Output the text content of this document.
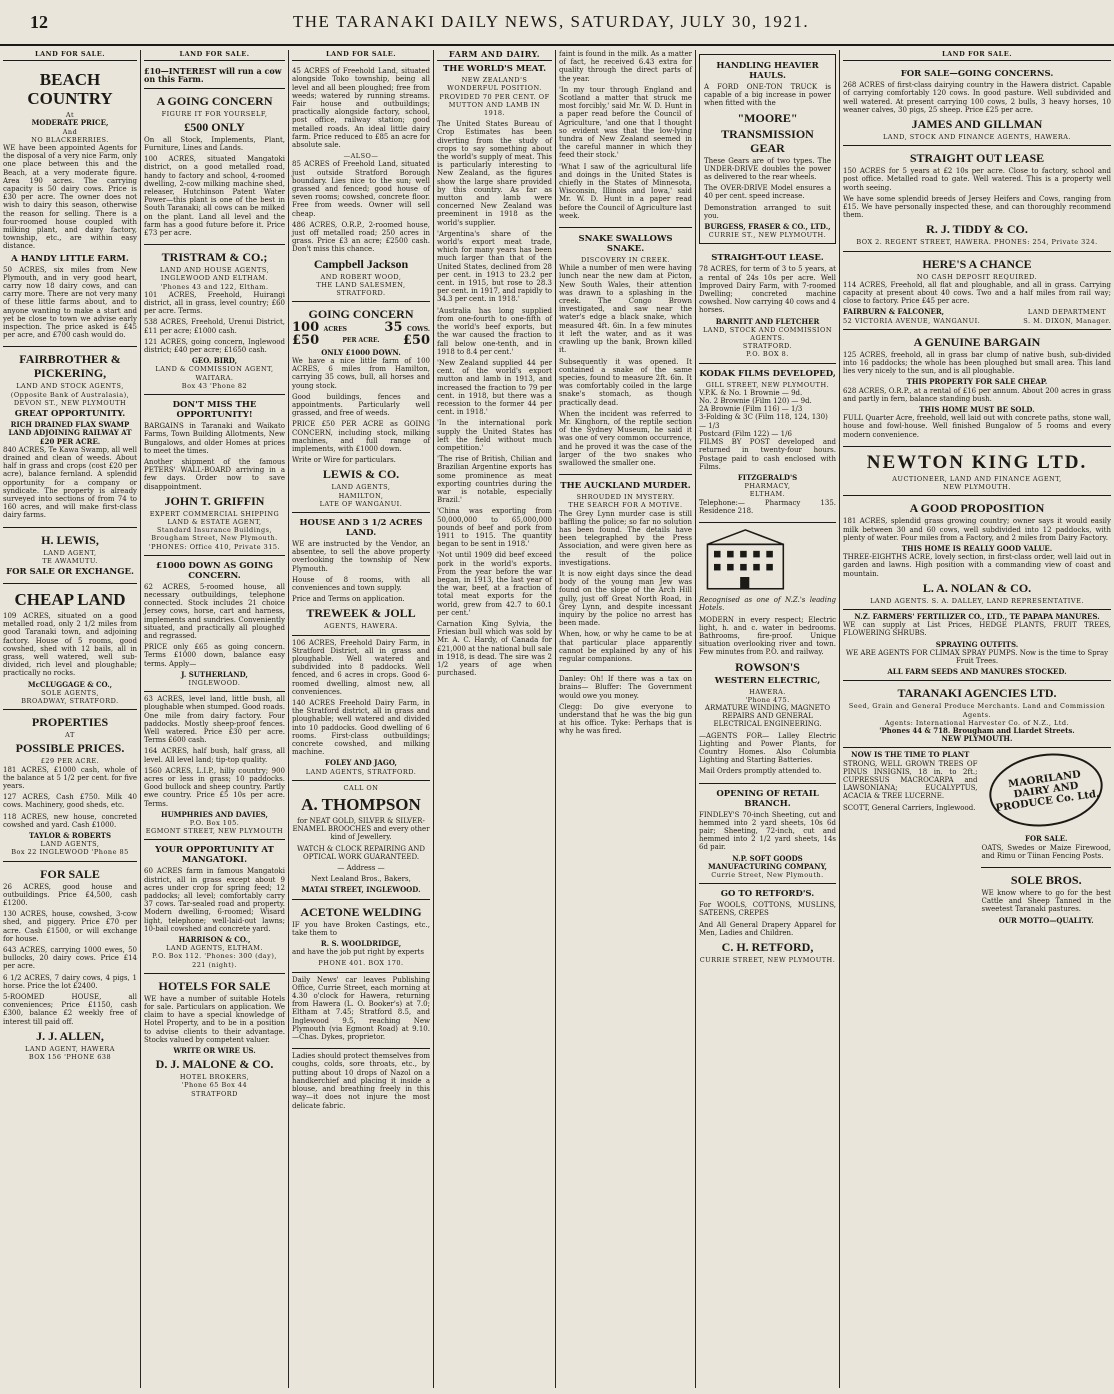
12	THE TARANAKI DAILY NEWS, SATURDAY, JULY 30, 1921.
LAND FOR SALE.
BEACH COUNTRY
At
MODERATE PRICE,
And
NO BLACKBERRIES.

WE have been appointed Agents for the disposal of a very nice Farm, only one place between this and the Beach, at a very moderate figure. Area 190 acres. The carrying capacity is 50 dairy cows. Price is £30 per acre. The owner does not wish to dairy this season, otherwise the reason for selling. There is a four-roomed house coupled with milking plant, and dairy factory, township, etc., are within easy distance.

A HANDY LITTLE FARM.

50 ACRES, six miles from New Plymouth, and in very good heart, carry now 18 dairy cows, and can carry more. There are not very many of these little farms about, and to anyone wanting to make a start and yet be close to town we advise early inspection. The price asked is £45 per acre, and £700 cash would do.

FAIRBROTHER & PICKERING,
LAND AND STOCK AGENTS,
(Opposite Bank of Australasia),
DEVON ST., NEW PLYMOUTH
GREAT OPPORTUNITY.
RICH DRAINED FLAX SWAMP LAND ADJOINING RAILWAY AT £20 PER ACRE.

840 ACRES, Te Kawa Swamp, all well drained and clean of weeds. About half in grass and crops (cost £20 per acre), balance fernland. A splendid opportunity for a company or syndicate. The property is already surveyed into sections of from 74 to 160 acres, and will make first-class dairy farms.

H. LEWIS,
LAND AGENT,
TE AWAMUTU.
FOR SALE OR EXCHANGE.
CHEAP LAND

109 ACRES, situated on a good metalled road, only 2 1/2 miles from good Taranaki town, and adjoining factory. House of 5 rooms, good cowshed, shed with 12 bails, all in grass, well watered, well sub-divided, rich level and ploughable; practically no rocks.

McCLUGGAGE & CO.,
SOLE AGENTS,
BROADWAY, STRATFORD.
PROPERTIES
AT
POSSIBLE PRICES.
£29 PER ACRE.

181 ACRES, £1000 cash, whole of the balance at 5 1/2 per cent. for five years.

127 ACRES, Cash £750. Milk 40 cows. Machinery, good sheds, etc.

118 ACRES, new house, concreted cowshed and yard. Cash £1000.

TAYLOR & ROBERTS
LAND AGENTS,
Box 22 INGLEWOOD 'Phone 85
FOR SALE

26 ACRES, good house and outbuildings. Price £4,500, cash £1200.

130 ACRES, house, cowshed, 3-cow shed, and piggery. Price £70 per acre. Cash £1500, or will exchange for house.

643 ACRES, carrying 1000 ewes, 50 bullocks, 20 dairy cows. Price £14 per acre.

6 1/2 ACRES, 7 dairy cows, 4 pigs, 1 horse. Price the lot £2400.

5-ROOMED HOUSE, all conveniences; Price £1150, cash £300, balance £2 weekly free of interest till paid off.

J. J. ALLEN,
LAND AGENT, HAWERA
BOX 156 'PHONE 638
LAND FOR SALE.
£10—INTEREST will run a cow on this Farm.
A GOING CONCERN
FIGURE IT FOR YOURSELF,
£500 ONLY

On all Stock, Implements, Plant, Furniture, Lines and Lands.

100 ACRES, situated Mangatoki district, on a good metalled road, handy to factory and school, 4-roomed dwelling, 2-cow milking machine shed, releaser, Hutchinson Patent Water Power—this plant is one of the best in South Taranaki; all cows can be milked on the plant. Land all level and the farm has a good future before it. Price £73 per acre.

TRISTRAM & CO.;
LAND AND HOUSE AGENTS,
INGLEWOOD AND ELTHAM.
'Phones 43 and 122, Eltham.

101 ACRES, Freehold, Huirangi district, all in grass, level country; £60 per acre. Terms.

538 ACRES, Freehold, Urenui District, £11 per acre; £1000 cash.

121 ACRES, going concern, Inglewood district; £40 per acre; £1650 cash.

GEO. BIRD,
LAND & COMMISSION AGENT,
WAITARA.
Box 43 'Phone 82
DON'T MISS THE OPPORTUNITY!

BARGAINS in Taranaki and Waikato Farms, Town Building Allotments, New Bungalows, and older Homes at prices to meet the times.

Another shipment of the famous PETERS' WALL-BOARD arriving in a few days. Order now to save disappointment.

JOHN T. GRIFFIN
EXPERT COMMERCIAL SHIPPING LAND & ESTATE AGENT,
Standard Insurance Buildings, Brougham Street, New Plymouth.
'PHONES: Office 410, Private 315.
£1000 DOWN AS GOING CONCERN.

62 ACRES, 5-roomed house, all necessary outbuildings, telephone connected. Stock includes 21 choice Jersey cows, horse, cart and harness, implements and sundries. Conveniently situated, and practically all ploughed and regrassed.

PRICE only £65 as going concern. Terms £1000 down, balance easy terms. Apply—

J. SUTHERLAND,
INGLEWOOD.

63 ACRES, level land, little bush, all ploughable when stumped. Good roads. One mile from dairy factory. Four paddocks. Mostly sheep-proof fences. Well watered. Price £30 per acre. Terms £600 cash.

164 ACRES, half bush, half grass, all level. All level land; tip-top quality.

1560 ACRES, L.I.P., hilly country; 900 acres or less in grass; 10 paddocks. Good bullock and sheep country. Partly ewe country. Price £5 10s per acre. Terms.

HUMPHRIES AND DAVIES,
P.O. Box 105.
EGMONT STREET, NEW PLYMOUTH
YOUR OPPORTUNITY AT MANGATOKI.

60 ACRES farm in famous Mangatoki district, all in grass except about 9 acres under crop for spring feed; 12 paddocks; all level; comfortably carry 37 cows. Tar-sealed road and property. Modern dwelling, 6-roomed; Wisard light, telephone; well-laid-out lawns; 10-bail cowshed and concrete yard.

HARRISON & CO.,
LAND AGENTS, ELTHAM.
P.O. Box 112. 'Phones: 300 (day), 221 (night).
HOTELS FOR SALE

WE have a number of suitable Hotels for sale. Particulars on application. We claim to have a special knowledge of Hotel Property, and to be in a position to advise clients to their advantage. Stocks valued by competent valuer.

WRITE OR WIRE US.
D. J. MALONE & CO.
HOTEL BROKERS,
'Phone 65 Box 44
STRATFORD
LAND FOR SALE.

45 ACRES of Freehold Land, situated alongside Toko township, being all level and all been ploughed; free from weeds; watered by running streams. Fair house and outbuildings; practically alongside factory, school, post office, railway station; good metalled roads. An ideal little dairy farm. Price reduced to £85 an acre for absolute sale.

—ALSO—

85 ACRES of Freehold Land, situated just outside Stratford Borough boundary. Lies nice to the sun; well grassed and fenced; good house of seven rooms; cowshed, concrete floor. Free from weeds. Owner will sell cheap.

486 ACRES, O.R.P., 2-roomed house, just off metalled road; 250 acres in grass. Price £3 an acre; £2500 cash. Don't miss this chance.

Campbell Jackson
AND ROBERT WOOD,
THE LAND SALESMEN,
STRATFORD.
GOING CONCERN
100 ACRES	35 COWS.
£50	PER ACRE. £50
ONLY £1000 DOWN.

We have a nice little farm of 100 ACRES, 6 miles from Hamilton, carrying 35 cows, bull, all horses and young stock.

Good buildings, fences and appointments. Particularly well grassed, and free of weeds.

PRICE £50 PER ACRE as GOING CONCERN, including stock, milking machines, and full range of implements, with £1000 down.

Write or Wire for particulars.

LEWIS & CO.
LAND AGENTS,
HAMILTON,
LATE OF WANGANUI.
HOUSE AND 3 1/2 ACRES LAND.

WE are instructed by the Vendor, an absentee, to sell the above property overlooking the township of New Plymouth.

House of 8 rooms, with all conveniences and town supply.

Price and Terms on application.

TREWEEK & JOLL
AGENTS, HAWERA.

106 ACRES, Freehold Dairy Farm, in Stratford District, all in grass and ploughable. Well watered and subdivided into 8 paddocks. Well fenced, and 6 acres in crops. Good 6-roomed dwelling, almost new, all conveniences.

140 ACRES Freehold Dairy Farm, in the Stratford district, all in grass and ploughable; well watered and divided into 10 paddocks. Good dwelling of 6 rooms. First-class outbuildings; concrete cowshed, and milking machine.

FOLEY AND JAGO,
LAND AGENTS, STRATFORD.
CALL ON
A. THOMPSON

for NEAT GOLD, SILVER & SILVER-ENAMEL BROOCHES and every other kind of Jewellery.

WATCH & CLOCK REPAIRING AND OPTICAL WORK GUARANTEED.

— Address —

Next Lealand Bros., Bakers,

MATAI STREET, INGLEWOOD.
ACETONE WELDING

IF you have Broken Castings, etc., take them to

R. S. WOOLDRIDGE,

and have the job put right by experts

PHONE 401. BOX 170.

Daily News' car leaves Publishing Office, Currie Street, each morning at 4.30 o'clock for Hawera, returning from Hawera (L. O. Booker's) at 7.0; Eltham at 7.45; Stratford 8.5, and Inglewood 9.5, reaching New Plymouth (via Egmont Road) at 9.10.—Chas. Dykes, proprietor.

Ladies should protect themselves from coughs, colds, sore throats, etc., by putting about 10 drops of Nazol on a handkerchief and placing it inside a blouse, and breathing freely in this way—it does not injure the most delicate fabric.

FARM AND DAIRY.
THE WORLD'S MEAT.
NEW ZEALAND'S WONDERFUL POSITION.
PROVIDED 70 PER CENT. OF MUTTON AND LAMB IN 1918.

The United States Bureau of Crop Estimates has been diverting from the study of crops to say something about the world's supply of meat. This is particularly interesting to New Zealand, as the figures show the large share provided by this country. As far as mutton and lamb were concerned New Zealand was preeminent in 1918 as the world's supplier.

'Argentina's share of the world's export meat trade, which for many years has been much larger than that of the United States, declined from 28 per cent. in 1913 to 23.2 per cent. in 1915, but rose to 28.3 per cent. in 1917, and rapidly to 34.3 per cent. in 1918.'

'Australia has long supplied from one-fourth to one-fifth of the world's beef exports, but the war caused the fraction to fall below one-tenth, and in 1918 to 8.4 per cent.'

'New Zealand supplied 44 per cent. of the world's export mutton and lamb in 1913, and increased the fraction to 79 per cent. in 1918, but there was a recession to the former 44 per cent. in 1918.'

'In the international pork supply the United States has left the field without much competition.'

'The rise of British, Chilian and Brazilian Argentine exports has some prominence as meat exporting countries during the war is notable, especially Brazil.'

'China was exporting from 50,000,000 to 65,000,000 pounds of beef and pork from 1911 to 1915. The quantity began to be sent in 1918.'

'Not until 1909 did beef exceed pork in the world's exports. From the year before the war began, in 1913, the last year of the war, beef, at a fraction of total meat exports for the world, grew from 42.7 to 60.1 per cent.'

Carnation King Sylvia, the Friesian bull which was sold by Mr. A. C. Hardy, of Canada for £21,000 at the national bull sale in 1918, is dead. The sire was 2 1/2 years of age when purchased.

faint is found in the milk. As a matter of fact, he received 6.43 extra for quality through the direct parts of the year.

'In my tour through England and Scotland a matter that struck me most forcibly,' said Mr. W. D. Hunt in a paper read before the Council of Agriculture, 'and one that I thought so evident was that the low-lying tundra of New Zealand seemed in the careful manner in which they feed their stock.'

'What I saw of the agricultural life and doings in the United States is chiefly in the States of Minnesota, Wisconsin, Illinois and Iowa,' said Mr. W. D. Hunt in a paper read before the Council of Agriculture last week.

SNAKE SWALLOWS SNAKE.
DISCOVERY IN CREEK.

While a number of men were having lunch near the new dam at Picton, New South Wales, their attention was drawn to a splashing in the creek. The Congo Brown investigated, and saw near the water's edge a black snake, which measured 4ft. 6in. In a few minutes it left the water, and as it was crawling up the bank, Brown killed it.

Subsequently it was opened. It contained a snake of the same species, found to measure 2ft. 6in. It was comfortably coiled in the large snake's stomach, as though practically dead.

When the incident was referred to Mr. Kinghorn, of the reptile section of the Sydney Museum, he said it was one of very common occurrence, and he proved it was the case of the larger of the two snakes who swallowed the smaller one.

THE AUCKLAND MURDER.
SHROUDED IN MYSTERY.
THE SEARCH FOR A MOTIVE.

The Grey Lynn murder case is still baffling the police; so far no solution has been found. The details have been telegraphed by the Press Association, and were given here as the result of the police investigations.

It is now eight days since the dead body of the young man Jew was found on the slope of the Arch Hill gully, just off Great North Road, in Grey Lynn, and despite incessant inquiry by the police no arrest has been made.

When, how, or why he came to be at that particular place apparently cannot be explained by any of his regular companions.

Danley: Oh! If there was a tax on brains— Bluffer: The Government would owe you money.

Clegg: Do give everyone to understand that he was the big gun at his office. Tyke: Perhaps that is why he was fired.

HANDLING HEAVIER HAULS.

A FORD ONE-TON TRUCK is capable of a big increase in power when fitted with the

"MOORE"
TRANSMISSION GEAR

These Gears are of two types. The UNDER-DRIVE doubles the power as delivered to the rear wheels.

The OVER-DRIVE Model ensures a 40 per cent. speed increase.

Demonstration arranged to suit you.

BURGESS, FRASER & CO., LTD.,
CURRIE ST., NEW PLYMOUTH.
STRAIGHT-OUT LEASE.

78 ACRES, for term of 3 to 5 years, at a rental of 24s 10s per acre. Well Improved Dairy Farm, with 7-roomed Dwelling; concreted machine cowshed. Now carrying 40 cows and 4 horses.

BARNITT AND FLETCHER
LAND, STOCK AND COMMISSION AGENTS.
STRATFORD.
P.O. BOX 8.
KODAK FILMS DEVELOPED,
GILL STREET, NEW PLYMOUTH.
V.P.K. & No. 1 Brownie — 9d.
No. 2 Brownie (Film 120) — 9d.
2A Brownie (Film 116) — 1/3
3-Folding & 3C (Film 118, 124, 130) — 1/3
Postcard (Film 122) — 1/6

FILMS BY POST developed and returned in twenty-four hours. Postage paid to cash enclosed with Films.

FITZGERALD'S
PHARMACY,
ELTHAM.

Telephone:— Pharmacy 135. Residence 218.

Recognised as one of N.Z.'s leading Hotels.

MODERN in every respect; Electric light, h. and c. water in bedrooms. Bathrooms, fire-proof. Unique situation overlooking river and town. Few minutes from P.O. and railway.

ROWSON'S
WESTERN ELECTRIC,
HAWERA.
'Phone 475.

ARMATURE WINDING, MAGNETO REPAIRS AND GENERAL ELECTRICAL ENGINEERING.

—AGENTS FOR— Lalley Electric Lighting and Power Plants, for Country Homes. Also Columbia Lighting and Starting Batteries.

Mail Orders promptly attended to.

OPENING OF RETAIL BRANCH.

FINDLEY'S 70-inch Sheeting, cut and hemmed into 2 yard sheets, 10s 6d pair; Sheeting, 72-inch, cut and hemmed into 2 1/2 yard sheets, 14s 6d pair.

N.P. SOFT GOODS MANUFACTURING COMPANY,
Currie Street, New Plymouth.
GO TO RETFORD'S.

For WOOLS, COTTONS, MUSLINS, SATEENS, CREPES

And All General Drapery Apparel for Men, Ladies and Children.

C. H. RETFORD,
CURRIE STREET, NEW PLYMOUTH.
LAND FOR SALE.
FOR SALE—GOING CONCERNS.

268 ACRES of first-class dairying country in the Hawera district. Capable of carrying comfortably 120 cows. In good pasture. Well subdivided and well watered. At present carrying 100 cows, 2 bulls, 3 heavy horses, 10 weaner calves, 30 pigs, 25 sheep. Price £25 per acre.

JAMES AND GILLMAN
LAND, STOCK AND FINANCE AGENTS, HAWERA.
STRAIGHT OUT LEASE

150 ACRES for 5 years at £2 10s per acre. Close to factory, school and post office. Metalled road to gate. Well watered. This is a property well worth seeing.

We have some splendid breeds of Jersey Heifers and Cows, ranging from £15. We have personally inspected these, and can thoroughly recommend them.

R. J. TIDDY & CO.
BOX 2. REGENT STREET, HAWERA. PHONES: 254, Private 324.
HERE'S A CHANCE
NO CASH DEPOSIT REQUIRED.

114 ACRES, Freehold, all flat and ploughable, and all in grass. Carrying capacity at present about 40 cows. Two and a half miles from rail way; close to factory. Price £45 per acre.

FAIRBURN & FALCONER,
52 VICTORIA AVENUE, WANGANUI.
LAND DEPARTMENT
S. M. DIXON, Manager.
A GENUINE BARGAIN

125 ACRES, freehold, all in grass bar clump of native bush, sub-divided into 16 paddocks; the whole has been ploughed but small area. This land lies very nicely to the sun, and is all ploughable.

THIS PROPERTY FOR SALE CHEAP.

628 ACRES, O.R.P., at a rental of £16 per annum. About 200 acres in grass and partly in fern, balance standing bush.

THIS HOME MUST BE SOLD.

FULL Quarter Acre, freehold, well laid out with concrete paths, stone wall, house and fowl-house. Well finished Bungalow of 5 rooms and every modern convenience.

NEWTON KING LTD.
AUCTIONEER, LAND AND FINANCE AGENT,
NEW PLYMOUTH.
A GOOD PROPOSITION

181 ACRES, splendid grass growing country; owner says it would easily milk between 30 and 60 cows, well subdivided into 12 paddocks, with plenty of water. Four miles from a Factory, and 2 miles from Dairy Factory.

THIS HOME IS REALLY GOOD VALUE.

THREE-EIGHTHS ACRE, lovely section, in first-class order, well laid out in garden and lawns. High position with a commanding view of coast and mountain.

L. A. NOLAN & CO.
LAND AGENTS. S. A. DALLEY, LAND REPRESENTATIVE.
N.Z. FARMERS' FERTILIZER CO., LTD., TE PAPAPA MANURES.

WE can supply at List Prices, HEDGE PLANTS, FRUIT TREES, FLOWERING SHRUBS.

SPRAYING OUTFITS.

WE ARE AGENTS FOR CLIMAX SPRAY PUMPS. Now is the time to Spray Fruit Trees.

ALL FARM SEEDS AND MANURES STOCKED.
TARANAKI AGENCIES LTD.
Seed, Grain and General Produce Merchants. Land and Commission Agents.
Agents: International Harvester Co. of N.Z., Ltd.
'Phones 44 & 718. Brougham and Liardet Streets.
NEW PLYMOUTH.
NOW IS THE TIME TO PLANT

STRONG, WELL GROWN TREES OF PINUS INSIGNIS, 18 in. to 2ft.; CUPRESSUS MACROCARPA and LAWSONIANA; EUCALYPTUS, ACACIA & TREE LUCERNE.

SCOTT, General Carriers, Inglewood.

MAORILAND DAIRY AND PRODUCE Co. Ltd.
FOR SALE.

OATS, Swedes or Maize Firewood, and Rimu or Tiinan Fencing Posts.

SOLE BROS.

WE know where to go for the best Cattle and Sheep Tanned in the sweetest Taranaki pastures.

OUR MOTTO—QUALITY.
